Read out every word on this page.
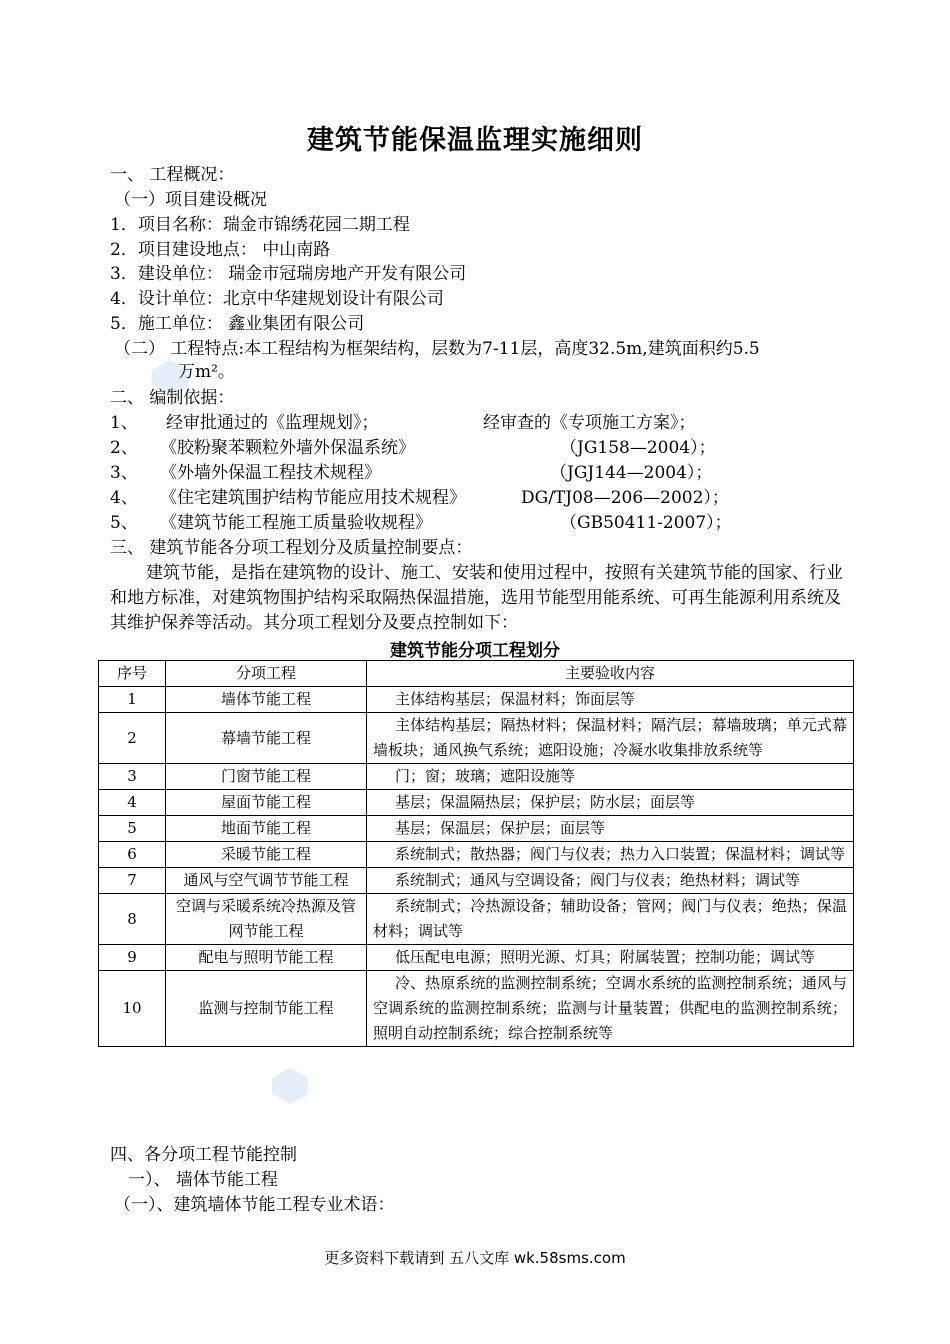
建筑节能保温监理实施细则
一、 工程概况：
（一）项目建设概况
1．项目名称：瑞金市锦绣花园二期工程
2．项目建设地点： 中山南路
3．建设单位： 瑞金市冠瑞房地产开发有限公司
4．设计单位：北京中华建规划设计有限公司
5．施工单位： 鑫业集团有限公司
（二） 工程特点:本工程结构为框架结构，层数为7-11层，高度32.5m,建筑面积约5.5
万m²。
二、 编制依据：
1、 经审批通过的《监理规划》；	经审查的《专项施工方案》；
2、 《胶粉聚苯颗粒外墙外保温系统》	（JG158—2004）；
3、 《外墙外保温工程技术规程》	（JGJ144—2004）；
4、 《住宅建筑围护结构节能应用技术规程》	DG/TJ08—206—2002）；
5、 《建筑节能工程施工质量验收规程》	（GB50411-2007）；
三、 建筑节能各分项工程划分及质量控制要点：
建筑节能，是指在建筑物的设计、施工、安装和使用过程中，按照有关建筑节能的国家、行业和地方标准，对建筑物围护结构采取隔热保温措施，选用节能型用能系统、可再生能源利用系统及其维护保养等活动。其分项工程划分及要点控制如下：
建筑节能分项工程划分
序号	分项工程	主要验收内容
1	墙体节能工程	主体结构基层；保温材料；饰面层等
2	幕墙节能工程	主体结构基层；隔热材料；保温材料；隔汽层；幕墙玻璃；单元式幕墙板块；通风换气系统；遮阳设施；冷凝水收集排放系统等
3	门窗节能工程	门；窗；玻璃；遮阳设施等
4	屋面节能工程	基层；保温隔热层；保护层；防水层；面层等
5	地面节能工程	基层；保温层；保护层；面层等
6	采暖节能工程	系统制式；散热器；阀门与仪表；热力入口装置；保温材料；调试等
7	通风与空气调节节能工程	系统制式；通风与空调设备；阀门与仪表；绝热材料；调试等
8	空调与采暖系统冷热源及管网节能工程	系统制式；冷热源设备；辅助设备；管网；阀门与仪表；绝热；保温材料；调试等
9	配电与照明节能工程	低压配电电源；照明光源、灯具；附属装置；控制功能；调试等
10	监测与控制节能工程	冷、热原系统的监测控制系统；空调水系统的监测控制系统；通风与空调系统的监测控制系统；监测与计量装置；供配电的监测控制系统；照明自动控制系统；综合控制系统等
四、各分项工程节能控制
一）、 墙体节能工程
（一）、建筑墙体节能工程专业术语：
更多资料下载请到 五八文库 wk.58sms.com
